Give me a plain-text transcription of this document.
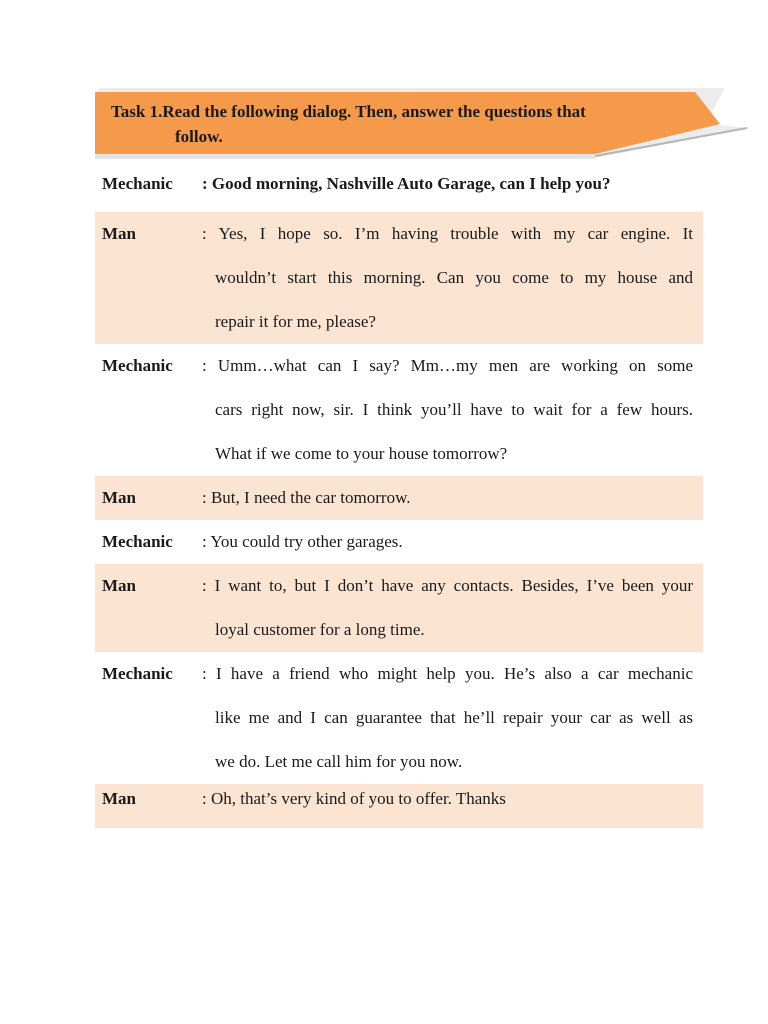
Task 1.Read the following dialog. Then, answer the questions that
follow.
Mechanic	: Good morning, Nashville Auto Garage, can I help you?
Man	: Yes, I hope so. I’m having trouble with my car engine. It
wouldn’t start this morning. Can you come to my house and
repair it for me, please?
Mechanic	: Umm…what can I say? Mm…my men are working on some
cars right now, sir. I think you’ll have to wait for a few hours.
What if we come to your house tomorrow?
Man	: But, I need the car tomorrow.
Mechanic	: You could try other garages.
Man	: I want to, but I don’t have any contacts. Besides, I’ve been your
loyal customer for a long time.
Mechanic	: I have a friend who might help you. He’s also a car mechanic
like me and I can guarantee that he’ll repair your car as well as
we do. Let me call him for you now.
Man	: Oh, that’s very kind of you to offer. Thanks
